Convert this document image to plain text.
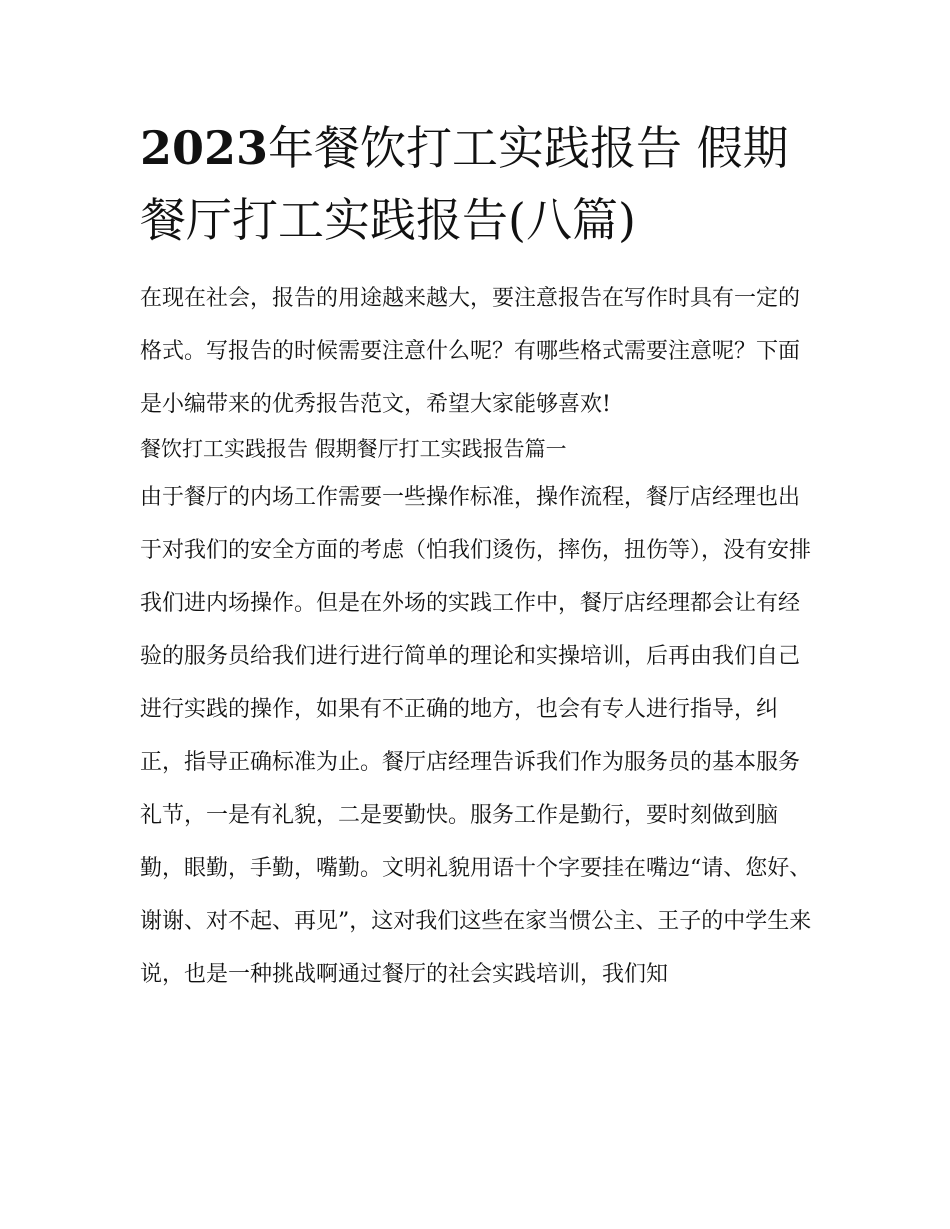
2023年餐饮打工实践报告 假期餐厅打工实践报告(八篇)

在现在社会，报告的用途越来越大，要注意报告在写作时具有一定的格式。写报告的时候需要注意什么呢？有哪些格式需要注意呢？下面是小编带来的优秀报告范文，希望大家能够喜欢!

餐饮打工实践报告 假期餐厅打工实践报告篇一

由于餐厅的内场工作需要一些操作标准，操作流程，餐厅店经理也出于对我们的安全方面的考虑（怕我们烫伤，摔伤，扭伤等），没有安排我们进内场操作。但是在外场的实践工作中，餐厅店经理都会让有经验的服务员给我们进行进行简单的理论和实操培训，后再由我们自己进行实践的操作，如果有不正确的地方，也会有专人进行指导，纠正，指导正确标准为止。餐厅店经理告诉我们作为服务员的基本服务礼节，一是有礼貌，二是要勤快。服务工作是勤行，要时刻做到脑勤，眼勤，手勤，嘴勤。文明礼貌用语十个字要挂在嘴边“请、您好、谢谢、对不起、再见”，这对我们这些在家当惯公主、王子的中学生来说，也是一种挑战啊通过餐厅的社会实践培训，我们知
